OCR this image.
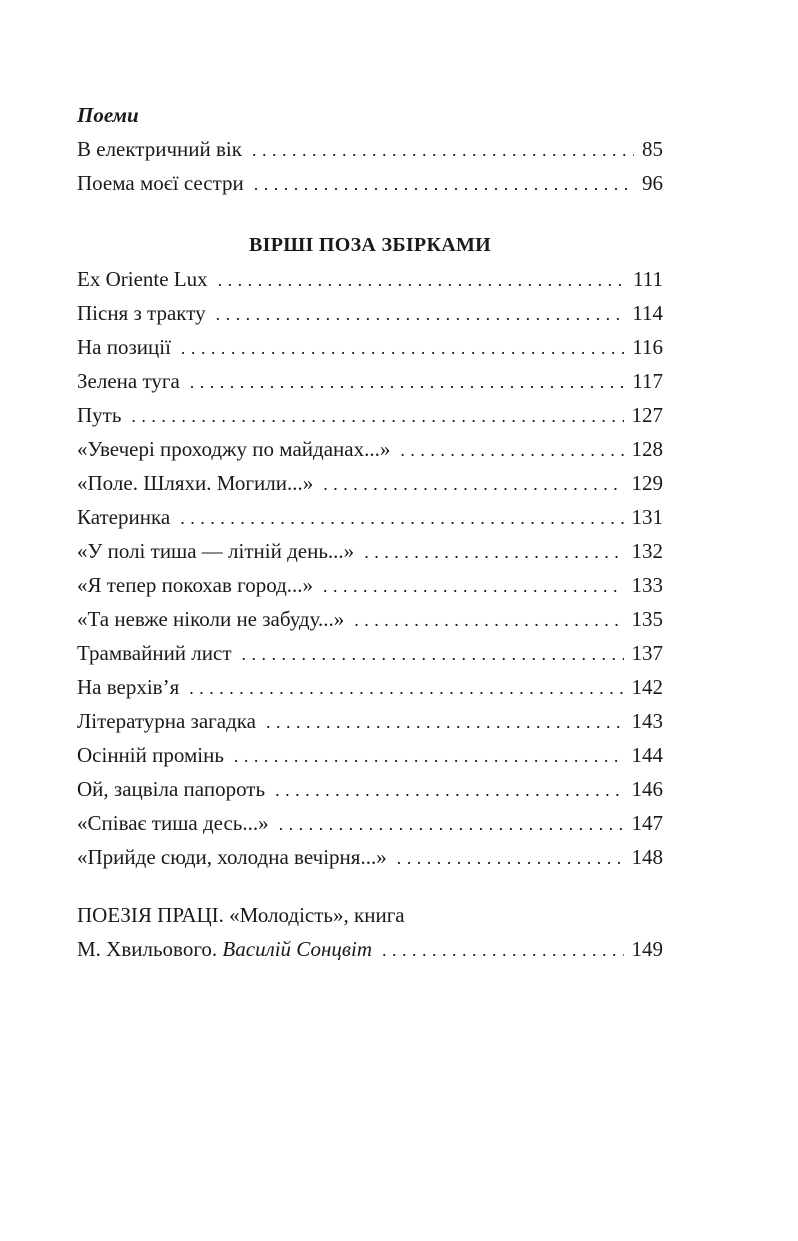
Поеми
В електричний вік . . .	85
Поема моєї сестри . . .	96
ВІРШІ ПОЗА ЗБІРКАМИ
Ex Oriente Lux . . .	111
Пісня з тракту . . .	114
На позиції . . .	116
Зелена туга . . .	117
Путь . . .	127
«Увечері проходжу по майданах...» . . .	128
«Поле. Шляхи. Могили...» . . .	129
Катеринка . . .	131
«У полі тиша — літній день...» . . .	132
«Я тепер покохав город...» . . .	133
«Та невже ніколи не забуду...» . . .	135
Трамвайний лист . . .	137
На верхів’я . . .	142
Літературна загадка . . .	143
Осінній промінь . . .	144
Ой, зацвіла папороть . . .	146
«Співає тиша десь...» . . .	147
«Прийде сюди, холодна вечірня...» . . .	148
ПОЕЗІЯ ПРАЦІ. «Молодість», книга
М. Хвильового. Василій Сонцвіт . . .	149
